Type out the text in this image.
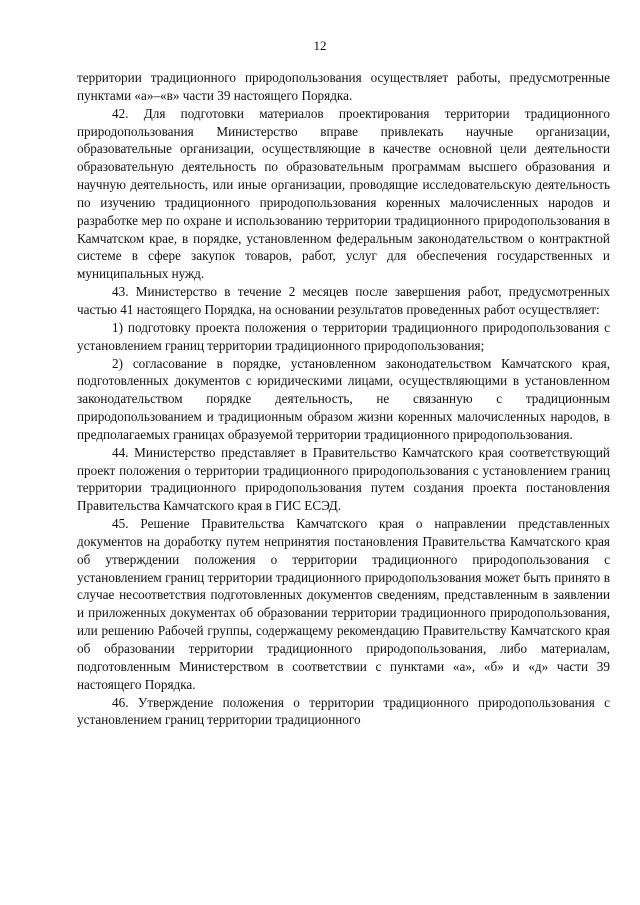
12

территории традиционного природопользования осуществляет работы, предусмотренные пунктами «а»–«в» части 39 настоящего Порядка.

42. Для подготовки материалов проектирования территории традиционного природопользования Министерство вправе привлекать научные организации, образовательные организации, осуществляющие в качестве основной цели деятельности образовательную деятельность по образовательным программам высшего образования и научную деятельность, или иные организации, проводящие исследовательскую деятельность по изучению традиционного природопользования коренных малочисленных народов и разработке мер по охране и использованию территории традиционного природопользования в Камчатском крае, в порядке, установленном федеральным законодательством о контрактной системе в сфере закупок товаров, работ, услуг для обеспечения государственных и муниципальных нужд.

43. Министерство в течение 2 месяцев после завершения работ, предусмотренных частью 41 настоящего Порядка, на основании результатов проведенных работ осуществляет:

1) подготовку проекта положения о территории традиционного природопользования с установлением границ территории традиционного природопользования;

2) согласование в порядке, установленном законодательством Камчатского края, подготовленных документов с юридическими лицами, осуществляющими в установленном законодательством порядке деятельность, не связанную с традиционным природопользованием и традиционным образом жизни коренных малочисленных народов, в предполагаемых границах образуемой территории традиционного природопользования.

44. Министерство представляет в Правительство Камчатского края соответствующий проект положения о территории традиционного природопользования с установлением границ территории традиционного природопользования путем создания проекта постановления Правительства Камчатского края в ГИС ЕСЭД.

45. Решение Правительства Камчатского края о направлении представленных документов на доработку путем непринятия постановления Правительства Камчатского края об утверждении положения о территории традиционного природопользования с установлением границ территории традиционного природопользования может быть принято в случае несоответствия подготовленных документов сведениям, представленным в заявлении и приложенных документах об образовании территории традиционного природопользования, или решению Рабочей группы, содержащему рекомендацию Правительству Камчатского края об образовании территории традиционного природопользования, либо материалам, подготовленным Министерством в соответствии с пунктами «а», «б» и «д» части 39 настоящего Порядка.

46. Утверждение положения о территории традиционного природопользования с установлением границ территории традиционного
